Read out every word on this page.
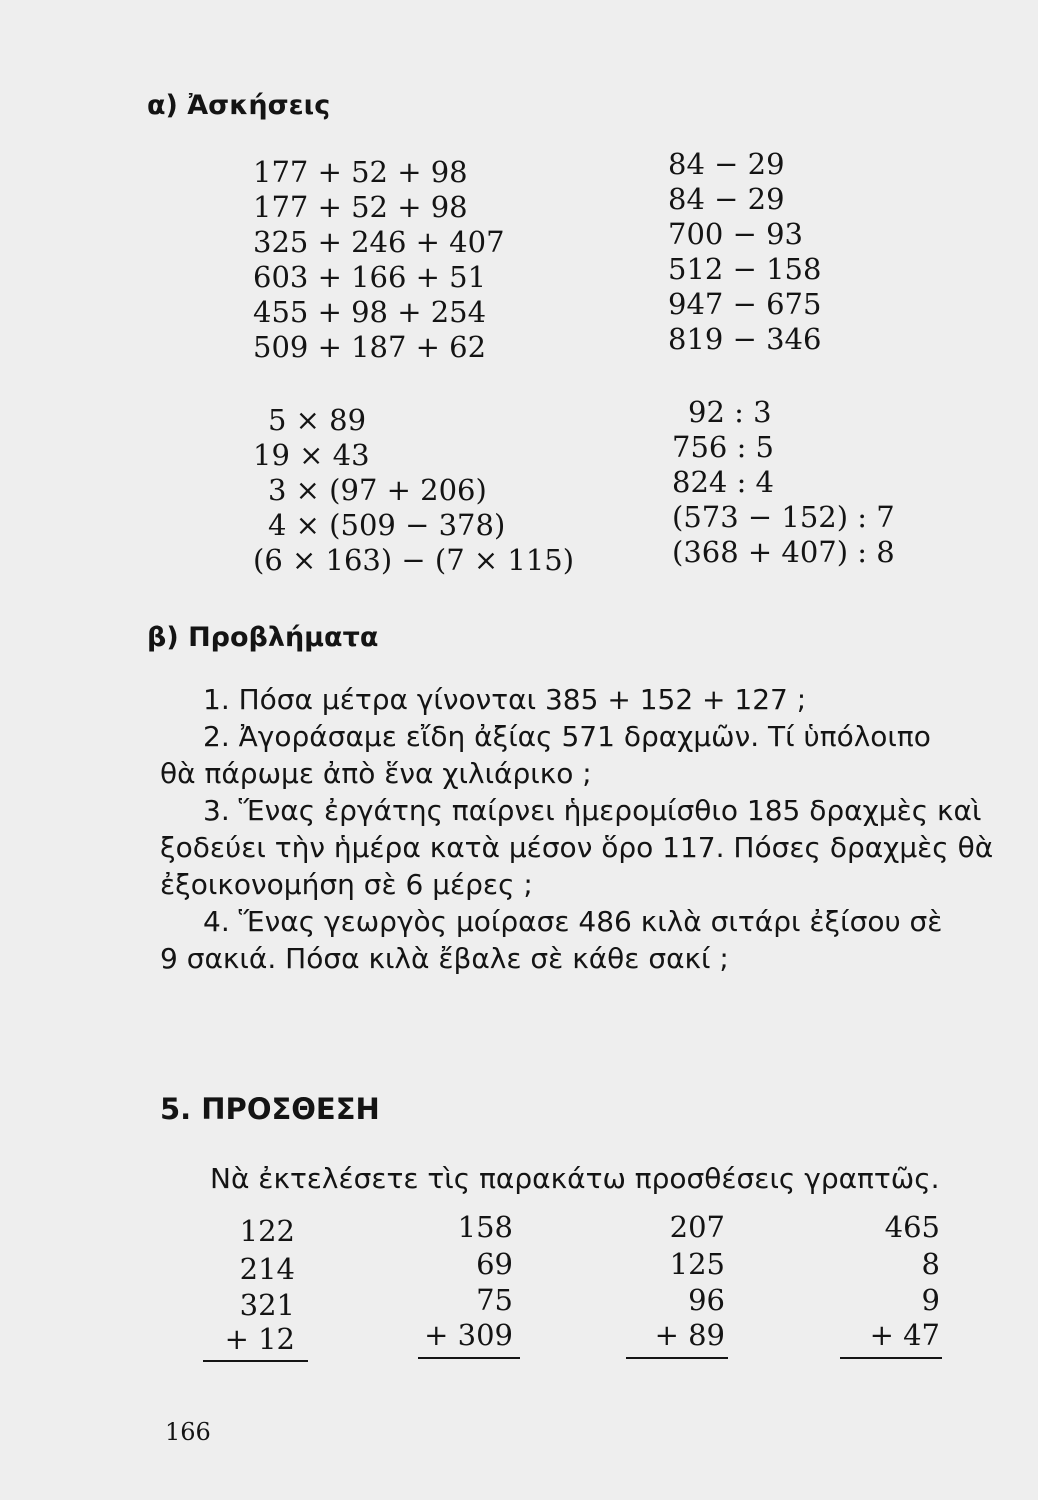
α) Ἀσκήσεις
177 + 52 + 98
177 + 52 + 98
325 + 246 + 407
603 + 166 + 51
455 + 98 + 254
509 + 187 + 62
84 − 29
84 − 29
700 − 93
512 − 158
947 − 675
819 − 346
5 × 89
19 × 43
3 × (97 + 206)
4 × (509 − 378)
(6 × 163) − (7 × 115)
92 : 3
756 : 5
824 : 4
(573 − 152) : 7
(368 + 407) : 8
β) Προβλήματα
1. Πόσα μέτρα γίνονται 385 + 152 + 127 ;
2. Ἀγοράσαμε εἴδη ἀξίας 571 δραχμῶν. Τί ὑπόλοιπο
θὰ πάρωμε ἀπὸ ἕνα χιλιάρικο ;
3. Ἕνας ἐργάτης παίρνει ἡμερομίσθιο 185 δραχμὲς καὶ
ξοδεύει τὴν ἡμέρα κατὰ μέσον ὅρο 117. Πόσες δραχμὲς θὰ
ἐξοικονομήση σὲ 6 μέρες ;
4. Ἕνας γεωργὸς μοίρασε 486 κιλὰ σιτάρι ἐξίσου σὲ
9 σακιά. Πόσα κιλὰ ἔβαλε σὲ κάθε σακί ;
5. ΠΡΟΣΘΕΣΗ
Νὰ ἐκτελέσετε τὶς παρακάτω προσθέσεις γραπτῶς.
122
214
321
+ 12
158
69
75
+ 309
207
125
96
+ 89
465
8
9
+ 47
166
